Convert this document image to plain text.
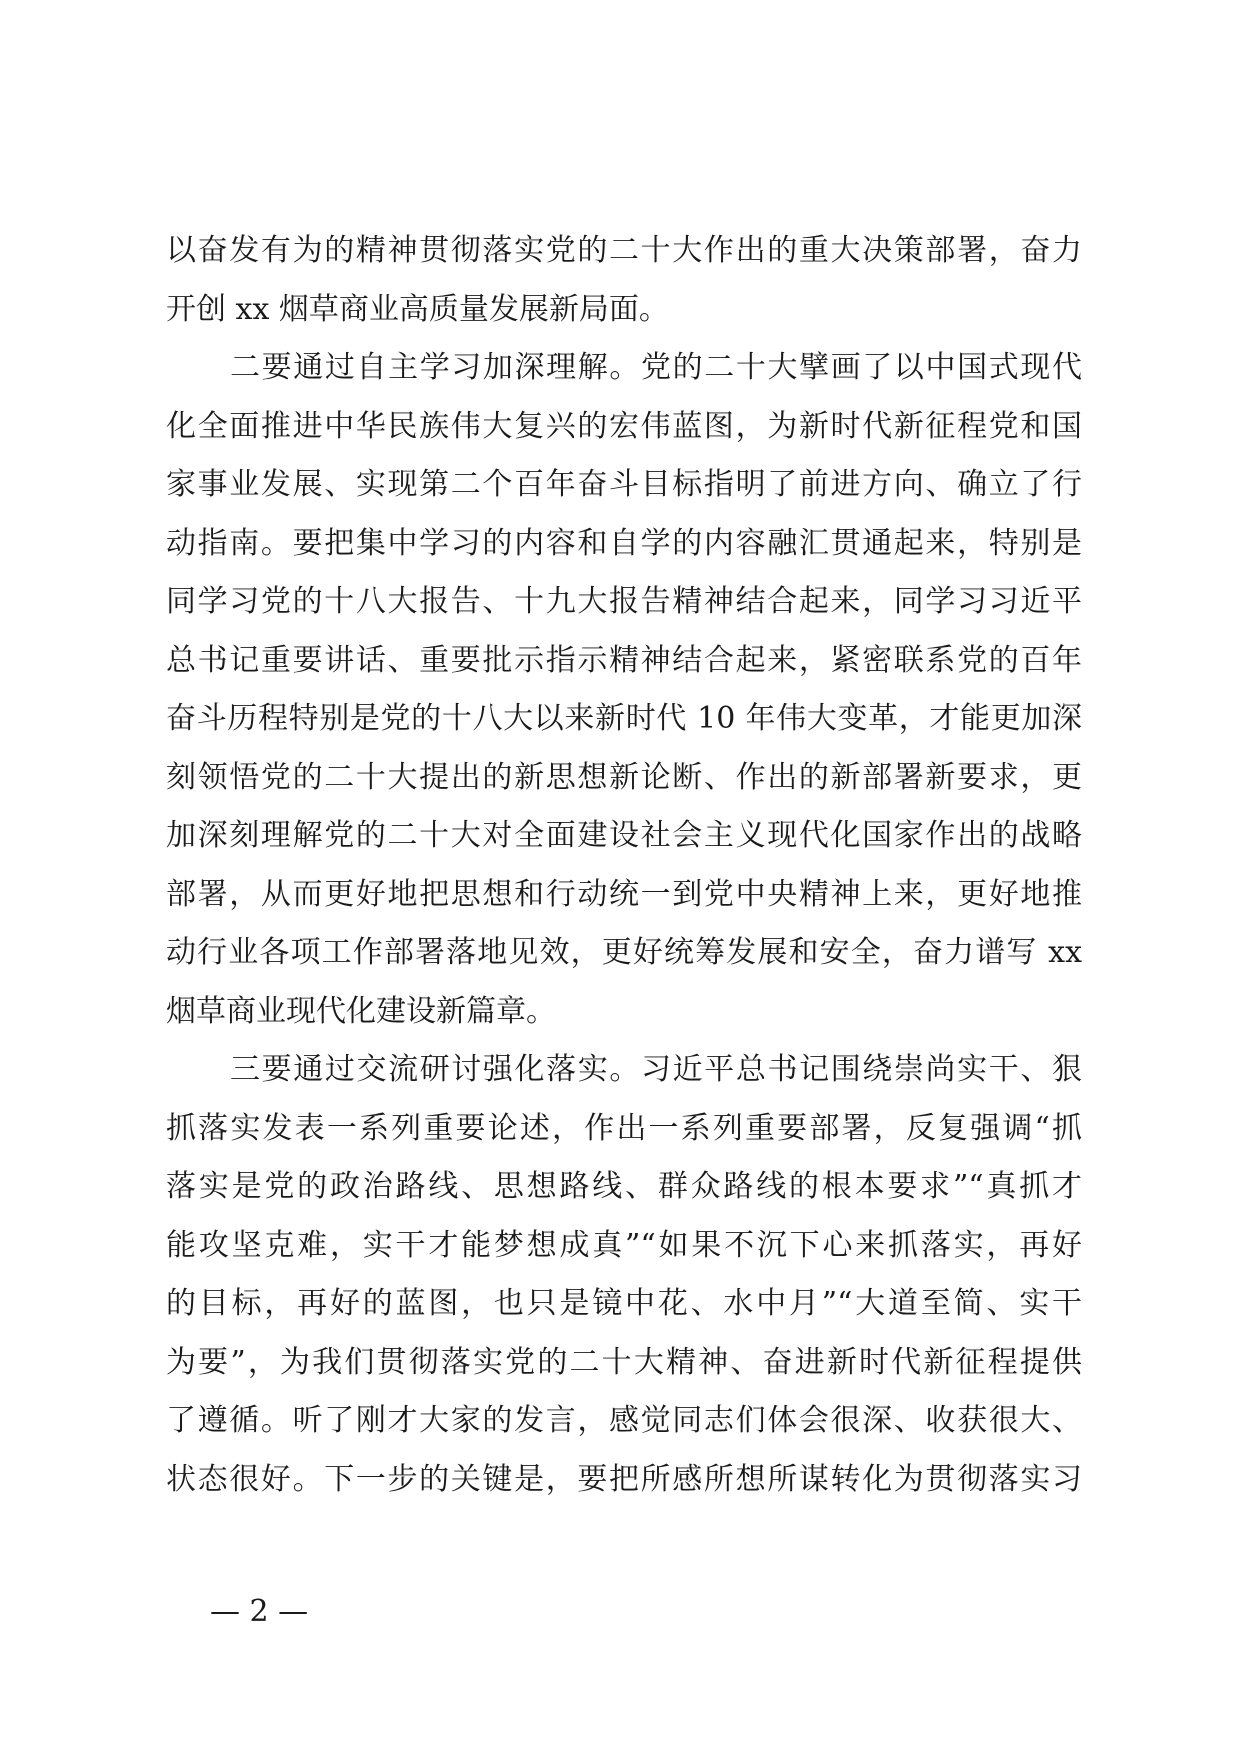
以奋发有为的精神贯彻落实党的二十大作出的重大决策部署，奋力
开创 xx 烟草商业高质量发展新局面。
二要通过自主学习加深理解。党的二十大擘画了以中国式现代
化全面推进中华民族伟大复兴的宏伟蓝图，为新时代新征程党和国
家事业发展、实现第二个百年奋斗目标指明了前进方向、确立了行
动指南。要把集中学习的内容和自学的内容融汇贯通起来，特别是
同学习党的十八大报告、十九大报告精神结合起来，同学习习近平
总书记重要讲话、重要批示指示精神结合起来，紧密联系党的百年
奋斗历程特别是党的十八大以来新时代 10 年伟大变革，才能更加深
刻领悟党的二十大提出的新思想新论断、作出的新部署新要求，更
加深刻理解党的二十大对全面建设社会主义现代化国家作出的战略
部署，从而更好地把思想和行动统一到党中央精神上来，更好地推
动行业各项工作部署落地见效，更好统筹发展和安全，奋力谱写 xx
烟草商业现代化建设新篇章。
三要通过交流研讨强化落实。习近平总书记围绕崇尚实干、狠
抓落实发表一系列重要论述，作出一系列重要部署，反复强调“抓
落实是党的政治路线、思想路线、群众路线的根本要求”“真抓才
能攻坚克难，实干才能梦想成真”“如果不沉下心来抓落实，再好
的目标，再好的蓝图，也只是镜中花、水中月”“大道至简、实干
为要”，为我们贯彻落实党的二十大精神、奋进新时代新征程提供
了遵循。听了刚才大家的发言，感觉同志们体会很深、收获很大、
状态很好。下一步的关键是，要把所感所想所谋转化为贯彻落实习
— 2 —
